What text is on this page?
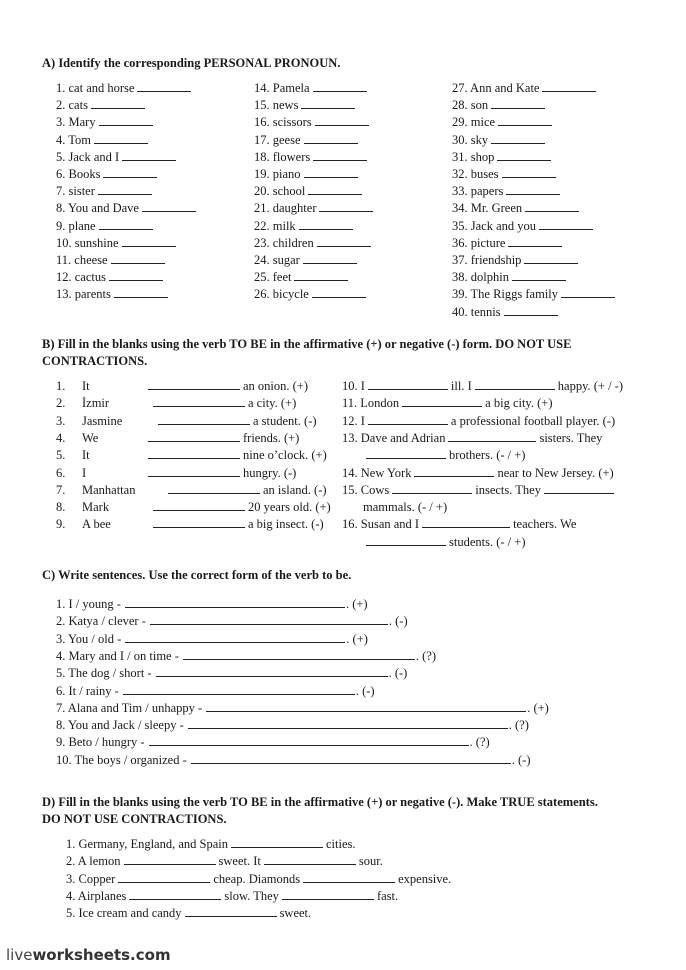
A) Identify the corresponding PERSONAL PRONOUN.
1. cat and horse
2. cats
3. Mary
4. Tom
5. Jack and I
6. Books
7. sister
8. You and Dave
9. plane
10. sunshine
11. cheese
12. cactus
13. parents
14. Pamela
15. news
16. scissors
17. geese
18. flowers
19. piano
20. school
21. daughter
22. milk
23. children
24. sugar
25. feet
26. bicycle
27. Ann and Kate
28. son
29. mice
30. sky
31. shop
32. buses
33. papers
34. Mr. Green
35. Jack and you
36. picture
37. friendship
38. dolphin
39. The Riggs family
40. tennis
B) Fill in the blanks using the verb TO BE in the affirmative (+) or negative (-) form. DO NOT USE
CONTRACTIONS.
1. It	an onion. (+)
2. İzmir	a city. (+)
3. Jasmine	a student. (-)
4. We	friends. (+)
5. It	nine o’clock. (+)
6. I	hungry. (-)
7. Manhattan	an island. (-)
8. Mark	20 years old. (+)
9. A bee	a big insect. (-)
10. I	ill. I	happy. (+ / -)
11. London	a big city. (+)
12. I	a professional football player. (-)
13. Dave and Adrian	sisters. They
brothers. (- / +)
14. New York	near to New Jersey. (+)
15. Cows	insects. They
mammals. (- / +)
16. Susan and I	teachers. We
students. (- / +)
C) Write sentences. Use the correct form of the verb to be.
1. I / young -	. (+)
2. Katya / clever -	. (-)
3. You / old -	. (+)
4. Mary and I / on time -	. (?)
5. The dog / short -	. (-)
6. It / rainy -	. (-)
7. Alana and Tim / unhappy -	. (+)
8. You and Jack / sleepy -	. (?)
9. Beto / hungry -	. (?)
10. The boys / organized -	. (-)
D) Fill in the blanks using the verb TO BE in the affirmative (+) or negative (-). Make TRUE statements.
DO NOT USE CONTRACTIONS.
1. Germany, England, and Spain	cities.
2. A lemon	sweet. It	sour.
3. Copper	cheap. Diamonds	expensive.
4. Airplanes	slow. They	fast.
5. Ice cream and candy	sweet.
liveworksheets.com
